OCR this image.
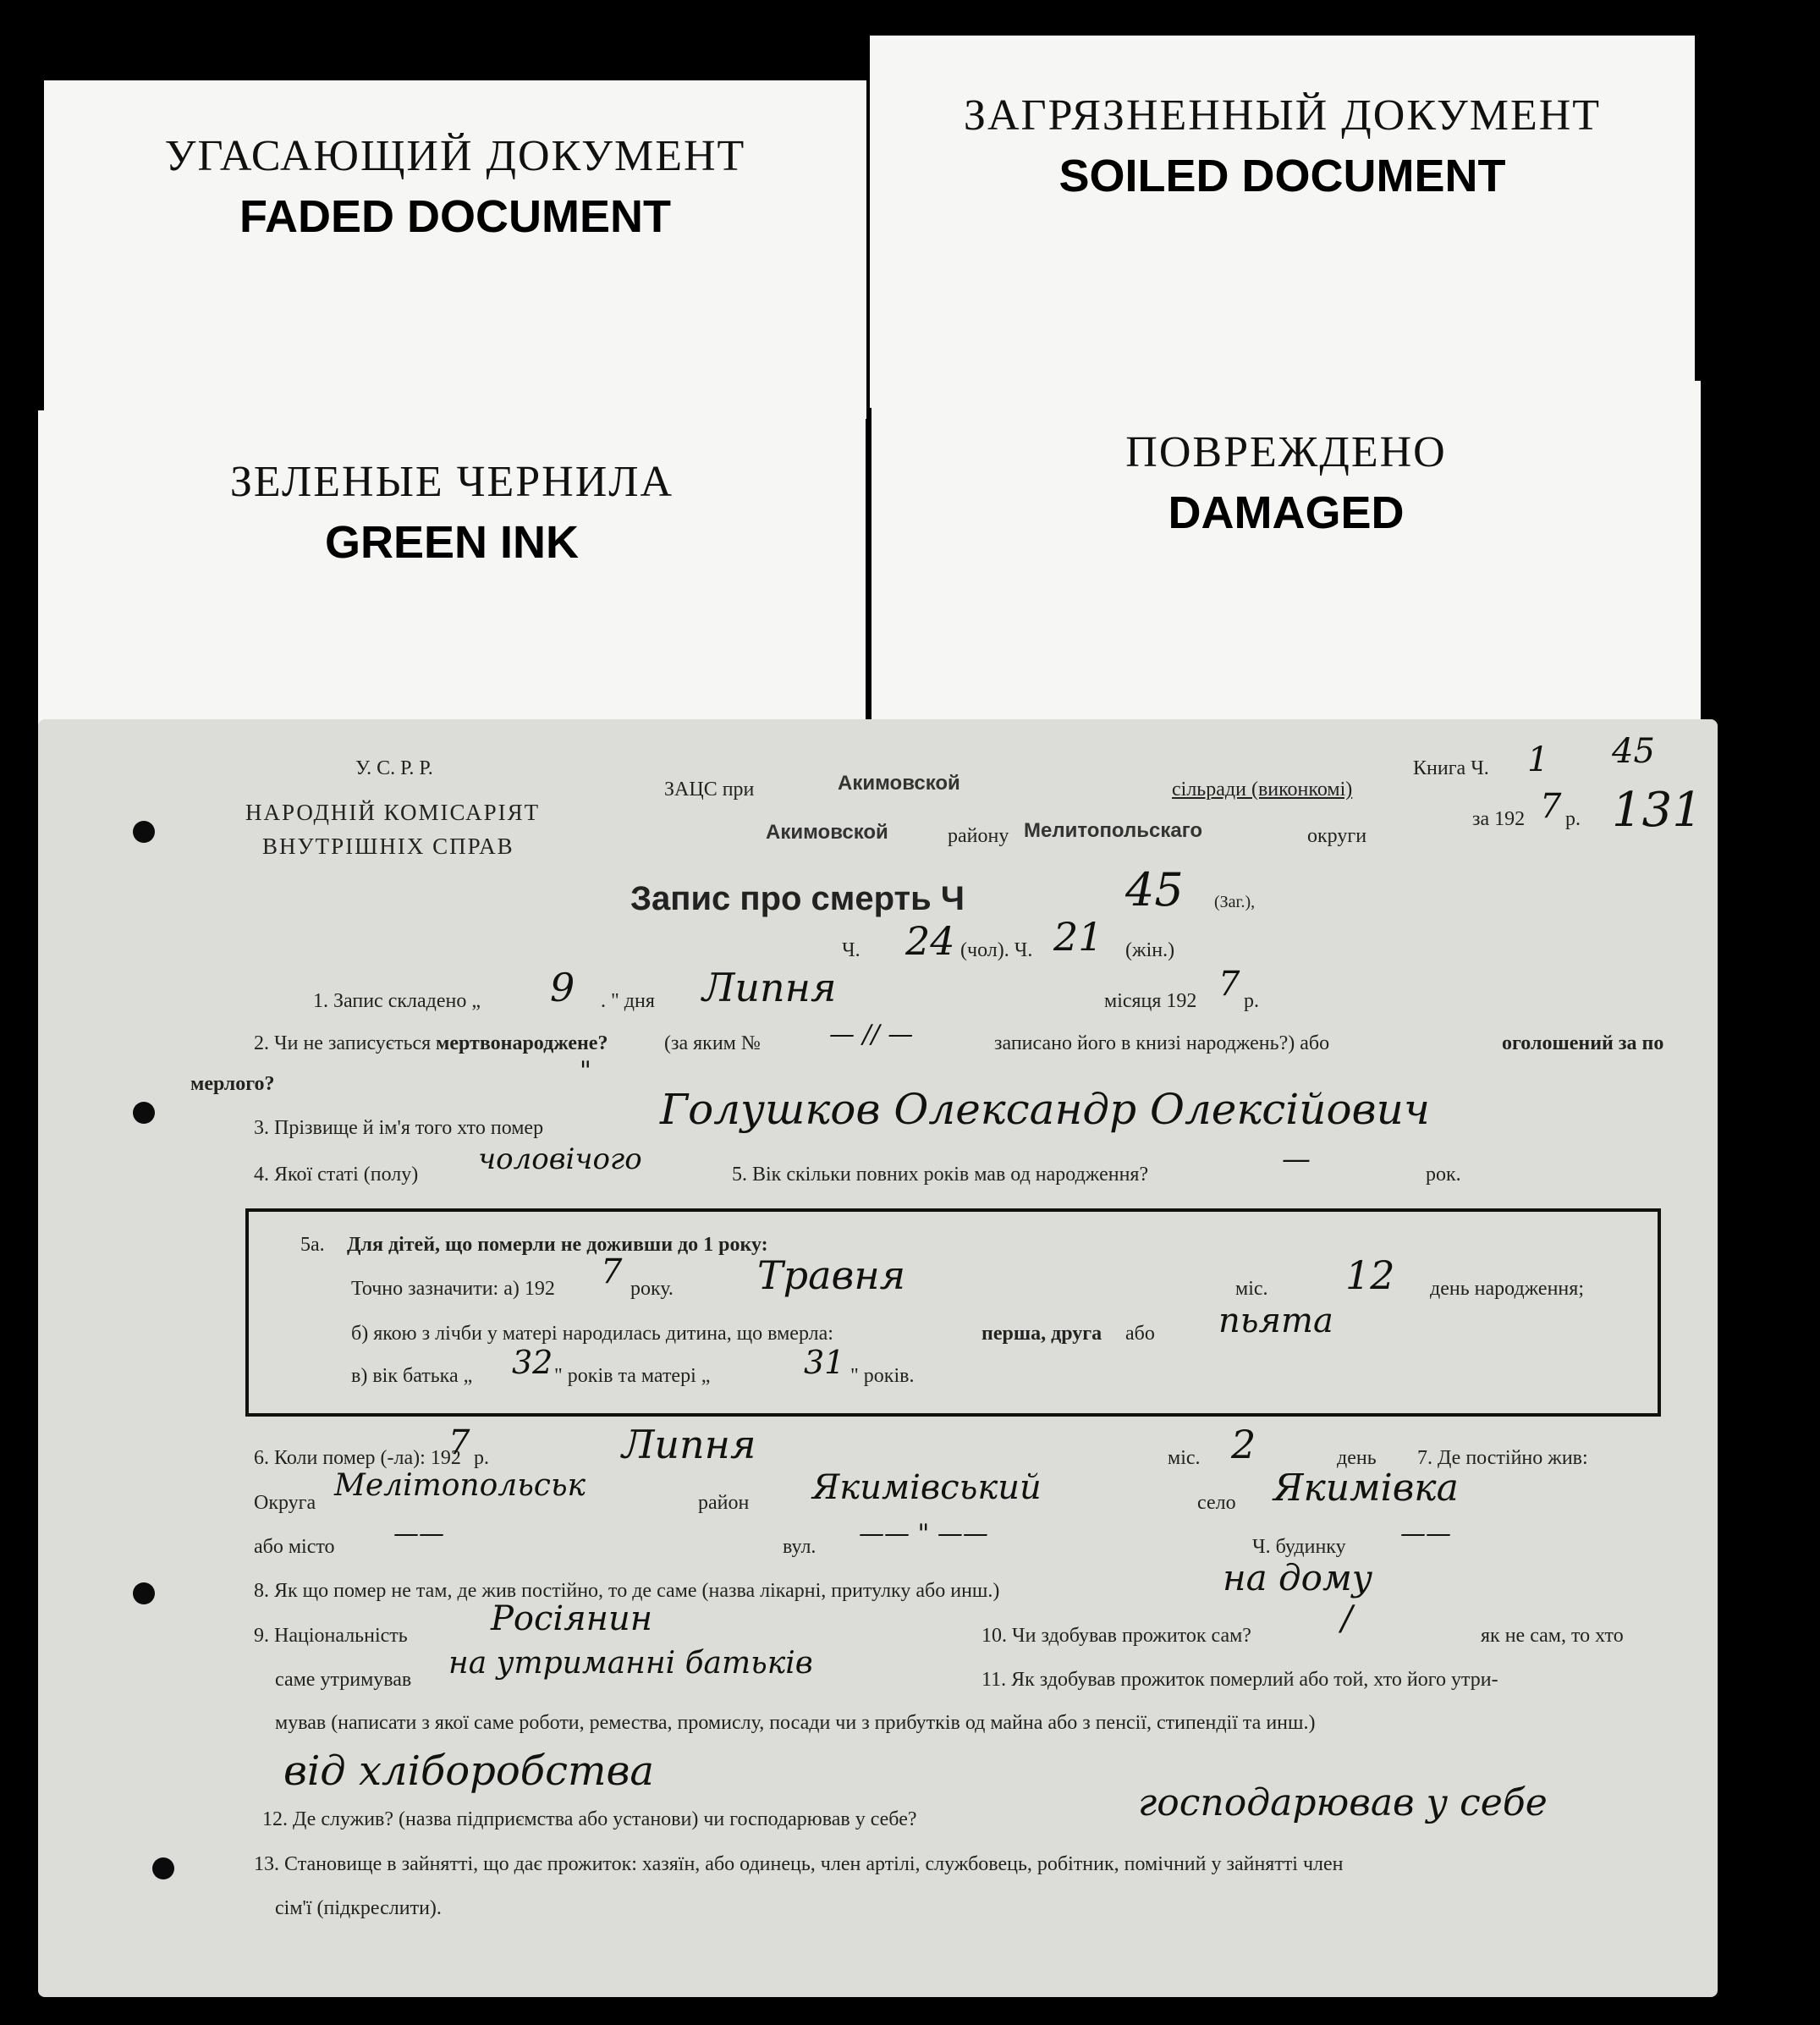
УГАСАЮЩИЙ ДОКУМЕНТ
FADED DOCUMENT
ЗАГРЯЗНЕННЫЙ ДОКУМЕНТ
SOILED DOCUMENT
ЗЕЛЕНЫЕ ЧЕРНИЛА
GREEN INK
ПОВРЕЖДЕНО
DAMAGED
У. С. Р. Р.
НАРОДНІЙ КОМІСАРІЯТ
ВНУТРІШНІХ СПРАВ
ЗАЦС при	Акимовской	сільради (виконкомі)
Акимовской	району Мелитопольскаго	округи
Книга Ч. 1 45
за 192 7 р. 131
Запис про смерть Ч	45 (Заг.),
Ч. 24 (чол). Ч. 21 (жін.)
1. Запис складено „ 9 . " дня Липня	місяця 192 7 р.
2. Чи не записується мертвонароджене?	(за яким №	— // —	записано його в книзі народжень?) або	оголошений за по
мерлого?	"
3. Прізвище й ім'я того хто помер	Голушков Олександр Олексійович
4. Якої статі (полу) чоловічого	5. Вік скільки повних років мав од народження?	—	рок.
5а. Для дітей, що померли не доживши до 1 року:
Точно зазначити: а) 192 7 року. Травня	міс. 12 день народження;
б) якою з лічби у матері народилась дитина, що вмерла:	перша, друга або пьята
в) вік батька „ 32 " років та матері „	31 " років.
6. Коли помер (-ла): 192
7 р.	Липня	міс. 2	день 7. Де постійно жив:
Округа Мелітопольськ	район Якимівський	село Якимівка
або місто ——	вул. —— " ——	Ч. будинку ——
8. Як що помер не там, де жив постійно, то де саме (назва лікарні, притулку або инш.)	на дому
9. Національність Росіянин	10. Чи здобував прожиток сам?	/	як не сам, то хто
саме утримував на утриманні батьків	11. Як здобував прожиток померлий або той, хто його утри-
мував (написати з якої саме роботи, ремества, промислу, посади чи з прибутків од майна або з пенсії, стипендії та инш.)
від хліборобства
12. Де служив? (назва підприємства або установи) чи господарював у себе?	господарював у себе
13. Становище в зайнятті, що дає прожиток: хазяїн, або одинець, член артілі, службовець, робітник, помічний у зайнятті член
сім'ї (підкреслити).
